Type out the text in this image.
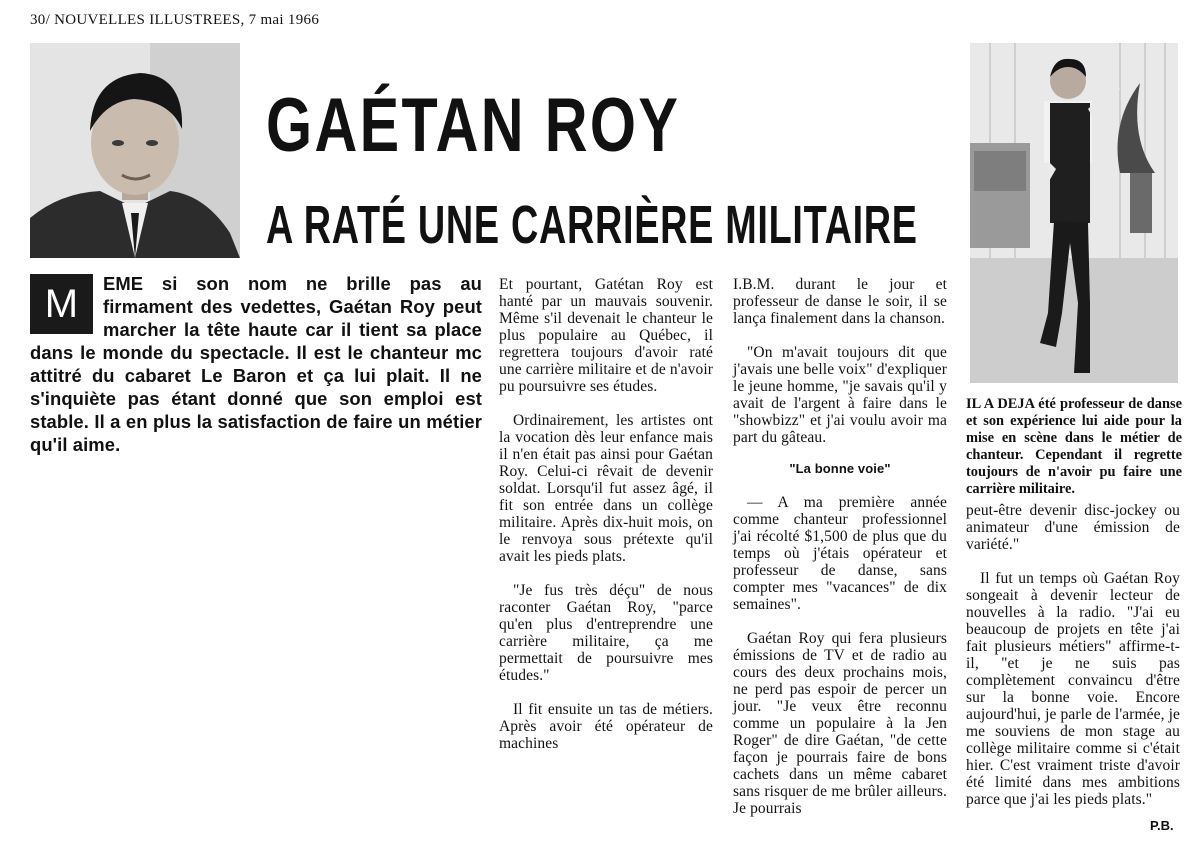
30/ NOUVELLES ILLUSTREES, 7 mai 1966
GAÉTAN ROY
A RATÉ UNE CARRIÈRE MILITAIRE
M	EME si son nom ne brille pas au firmament des vedettes, Gaétan Roy peut marcher la tête haute car il tient sa place dans le monde du spectacle. Il est le chanteur mc attitré du cabaret Le Baron et ça lui plait. Il ne s'inquiète pas étant donné que son emploi est stable. Il a en plus la satisfaction de faire un métier qu'il aime.

Et pourtant, Gatétan Roy est hanté par un mauvais souvenir. Même s'il devenait le chanteur le plus populaire au Québec, il regrettera toujours d'avoir raté une carrière militaire et de n'avoir pu poursuivre ses études.

Ordinairement, les artistes ont la vocation dès leur enfance mais il n'en était pas ainsi pour Gaétan Roy. Celui-ci rêvait de devenir soldat. Lorsqu'il fut assez âgé, il fit son entrée dans un collège militaire. Après dix-huit mois, on le renvoya sous prétexte qu'il avait les pieds plats.

"Je fus très déçu" de nous raconter Gaétan Roy, "parce qu'en plus d'entreprendre une carrière militaire, ça me permettait de poursuivre mes études."

Il fit ensuite un tas de métiers. Après avoir été opérateur de machines

I.B.M. durant le jour et professeur de danse le soir, il se lança finalement dans la chanson.

"On m'avait toujours dit que j'avais une belle voix" d'expliquer le jeune homme, "je savais qu'il y avait de l'argent à faire dans le "showbizz" et j'ai voulu avoir ma part du gâteau.

"La bonne voie"

— A ma première année comme chanteur professionnel j'ai récolté $1,500 de plus que du temps où j'étais opérateur et professeur de danse, sans compter mes "vacances" de dix semaines".

Gaétan Roy qui fera plusieurs émissions de TV et de radio au cours des deux prochains mois, ne perd pas espoir de percer un jour. "Je veux être reconnu comme un populaire à la Jen Roger" de dire Gaétan, "de cette façon je pourrais faire de bons cachets dans un même cabaret sans risquer de me brûler ailleurs. Je pourrais

IL A DEJA été professeur de danse et son expérience lui aide pour la mise en scène dans le métier de chanteur. Cependant il regrette toujours de n'avoir pu faire une carrière militaire.

peut-être devenir disc-jockey ou animateur d'une émission de variété."

Il fut un temps où Gaétan Roy songeait à devenir lecteur de nouvelles à la radio. "J'ai eu beaucoup de projets en tête j'ai fait plusieurs métiers" affirme-t-il, "et je ne suis pas complètement convaincu d'être sur la bonne voie. Encore aujourd'hui, je parle de l'armée, je me souviens de mon stage au collège militaire comme si c'était hier. C'est vraiment triste d'avoir été limité dans mes ambitions parce que j'ai les pieds plats."

P.B.
